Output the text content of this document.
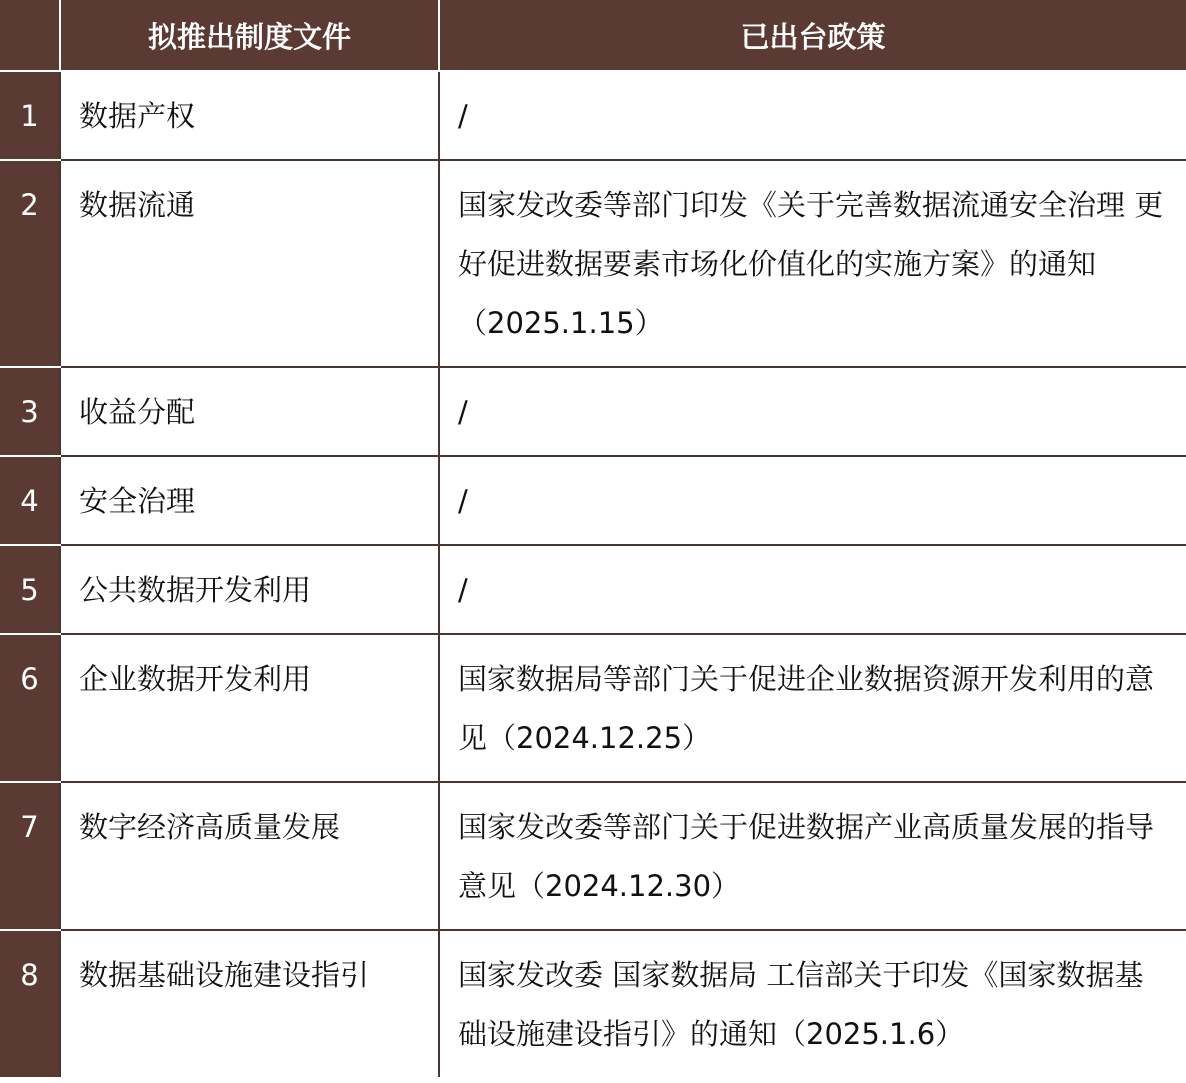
	拟推出制度文件	已出台政策
1	数据产权	/
2	数据流通	国家发改委等部门印发《关于完善数据流通安全治理 更好促进数据要素市场化价值化的实施方案》的通知（2025.1.15）
3	收益分配	/
4	安全治理	/
5	公共数据开发利用	/
6	企业数据开发利用	国家数据局等部门关于促进企业数据资源开发利用的意见（2024.12.25）
7	数字经济高质量发展	国家发改委等部门关于促进数据产业高质量发展的指导意见（2024.12.30）
8	数据基础设施建设指引	国家发改委 国家数据局 工信部关于印发《国家数据基础设施建设指引》的通知（2025.1.6）
